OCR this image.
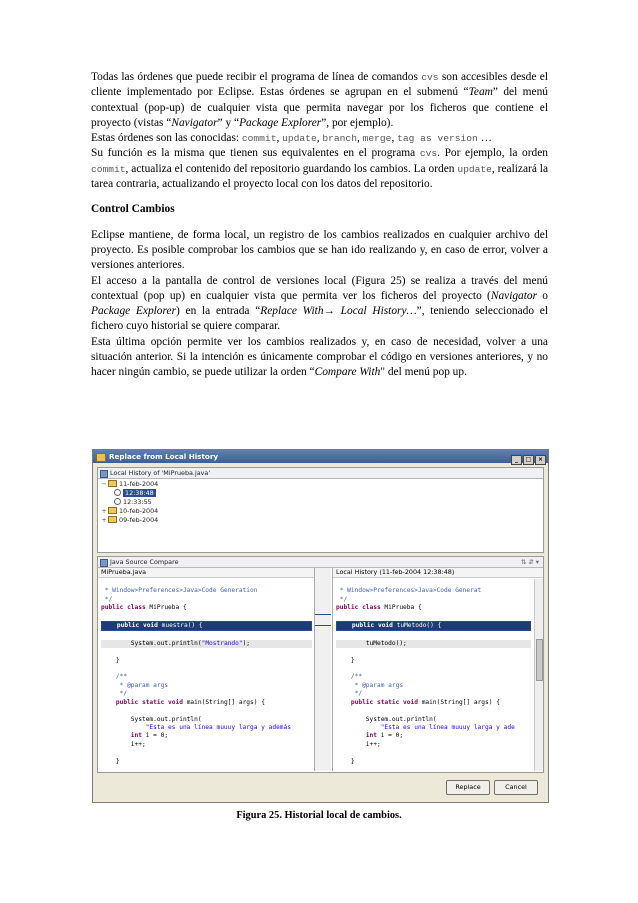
Todas las órdenes que puede recibir el programa de línea de comandos cvs son accesibles desde el cliente implementado por Eclipse. Estas órdenes se agrupan en el submenú “Team” del menú contextual (pop-up) de cualquier vista que permita navegar por los ficheros que contiene el proyecto (vistas “Navigator” y “Package Explorer”, por ejemplo).

Estas órdenes son las conocidas: commit, update, branch, merge, tag as version …

Su función es la misma que tienen sus equivalentes en el programa cvs. Por ejemplo, la orden commit, actualiza el contenido del repositorio guardando los cambios. La orden update, realizará la tarea contraria, actualizando el proyecto local con los datos del repositorio.

Control Cambios

Eclipse mantiene, de forma local, un registro de los cambios realizados en cualquier archivo del proyecto. Es posible comprobar los cambios que se han ido realizando y, en caso de error, volver a versiones anteriores.

El acceso a la pantalla de control de versiones local (Figura 25) se realiza a través del menú contextual (pop up) en cualquier vista que permita ver los ficheros del proyecto (Navigator o Package Explorer) en la entrada “Replace With→ Local History…”, teniendo seleccionado el fichero cuyo historial se quiere comparar.

Esta última opción permite ver los cambios realizados y, en caso de necesidad, volver a una situación anterior. Si la intención es únicamente comprobar el código en versiones anteriores, y no hacer ningún cambio, se puede utilizar la orden “Compare With" del menú pop up.

Replace from Local History	_ □ ×
Local History of 'MiPrueba.java'
− 11-feb-2004
12:38:48
12:33:55
+ 10-feb-2004
+ 09-feb-2004
Java Source Compare	⇅ ⇵ ▾
MiPrueba.java

* Window>Preferences>Java>Code Generation
*/
public class MiPrueba {

public void muestra() {

System.out.println("Mostrando");

}

/**
* @param args
*/
public static void main(String[] args) {

System.out.println(
"Esta es una línea muuuy larga y además
int i = 0;
i++;

}

Local History (11-feb-2004 12:38:48)

* Window>Preferences>Java>Code Generat
*/
public class MiPrueba {

public void tuMetodo() {

tuMetodo();

}

/**
* @param args
*/
public static void main(String[] args) {

System.out.println(
"Esta es una línea muuuy larga y ade
int i = 0;
i++;

}

Replace	Cancel
Figura 25. Historial local de cambios.
